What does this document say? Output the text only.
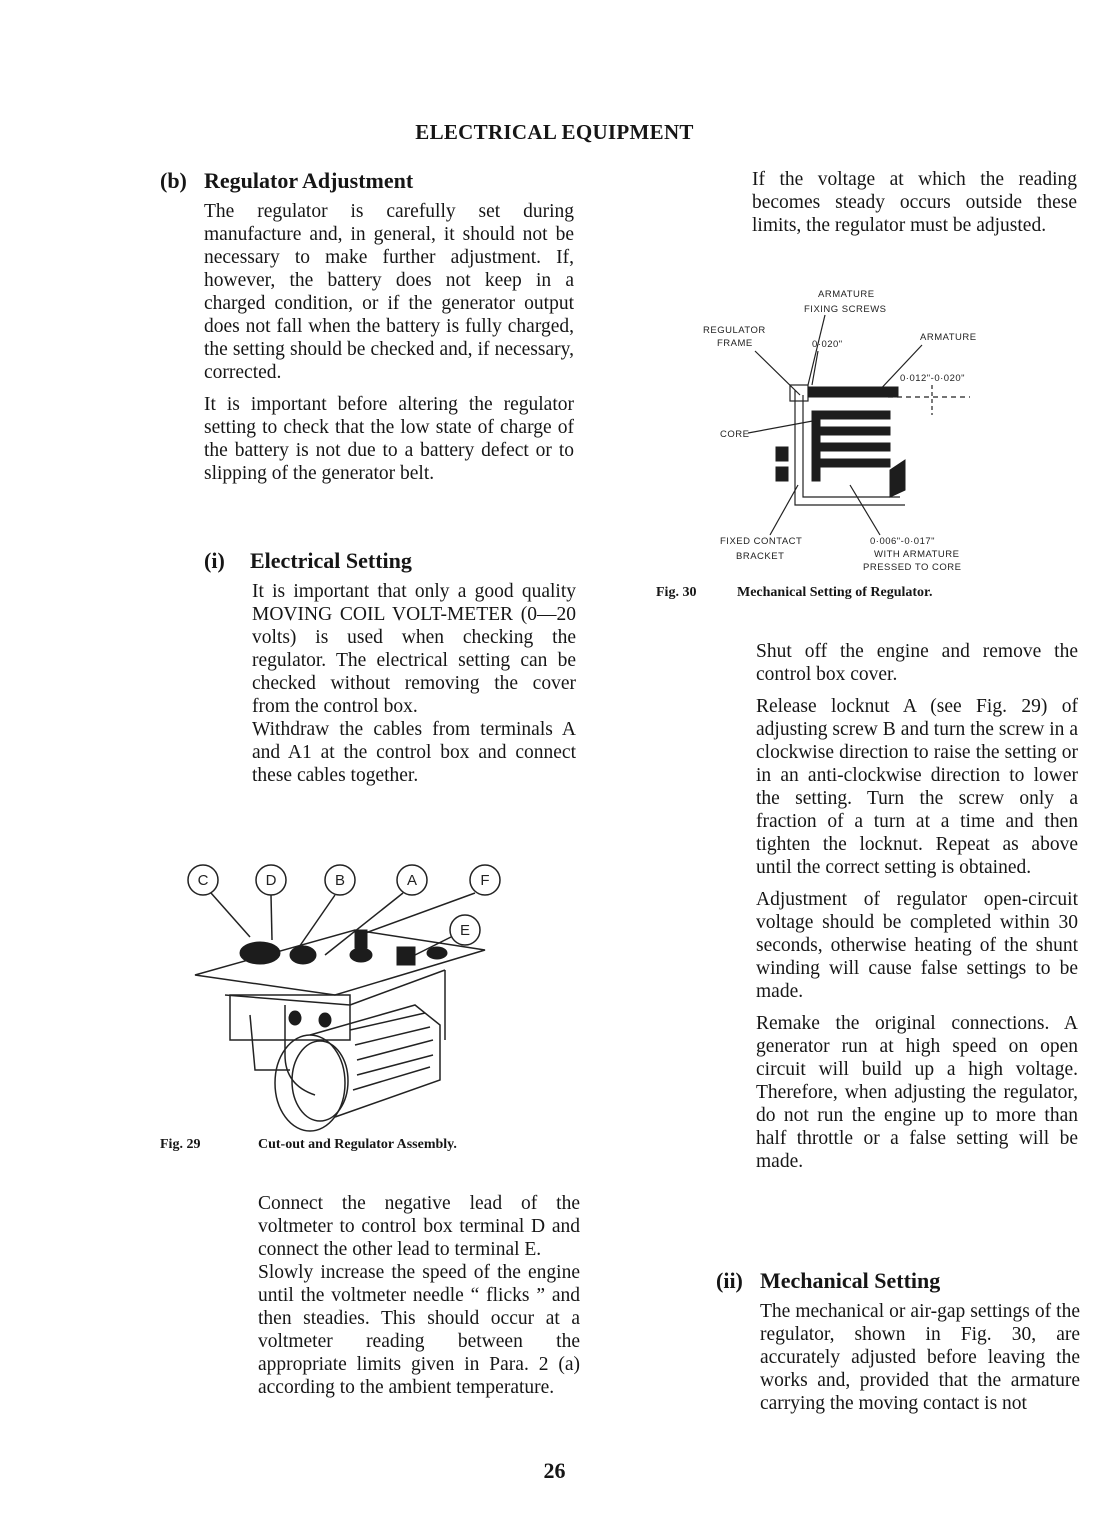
ELECTRICAL EQUIPMENT
(b) Regulator Adjustment

The regulator is carefully set during manufacture and, in general, it should not be necessary to make further adjustment. If, however, the battery does not keep in a charged condition, or if the generator output does not fall when the battery is fully charged, the setting should be checked and, if necessary, corrected.

It is important before altering the regulator setting to check that the low state of charge of the battery is not due to a battery defect or to slipping of the generator belt.

(i) Electrical Setting

It is important that only a good quality MOVING COIL VOLT-METER (0—20 volts) is used when checking the regulator. The electrical setting can be checked without removing the cover from the control box.

Withdraw the cables from terminals A and A1 at the control box and connect these cables together.

C	D	B	A	F
E
Fig. 29	Cut-out and Regulator Assembly.

Connect the negative lead of the voltmeter to control box terminal D and connect the other lead to terminal E.

Slowly increase the speed of the engine until the voltmeter needle “ flicks ” and then steadies. This should occur at a voltmeter reading between the appropriate limits given in Para. 2 (a) according to the ambient temperature.

If the voltage at which the reading becomes steady occurs outside these limits, the regulator must be adjusted.
ARMATURE
FIXING SCREWS
REGULATOR
FRAME	0·020"
ARMATURE
0·012"-0·020"
CORE
FIXED CONTACT
BRACKET
0·006"-0·017"
WITH ARMATURE
PRESSED TO CORE
Fig. 30	Mechanical Setting of Regulator.

Shut off the engine and remove the control box cover.

Release locknut A (see Fig. 29) of adjusting screw B and turn the screw in a clockwise direction to raise the setting or in an anti-clockwise direction to lower the setting. Turn the screw only a fraction of a turn at a time and then tighten the locknut. Repeat as above until the correct setting is obtained.

Adjustment of regulator open-circuit voltage should be completed within 30 seconds, otherwise heating of the shunt winding will cause false settings to be made.

Remake the original connections. A generator run at high speed on open circuit will build up a high voltage. Therefore, when adjusting the regulator, do not run the engine up to more than half throttle or a false setting will be made.

(ii) Mechanical Setting
The mechanical or air-gap settings of the regulator, shown in Fig. 30, are accurately adjusted before leaving the works and, provided that the armature carrying the moving contact is not
26
